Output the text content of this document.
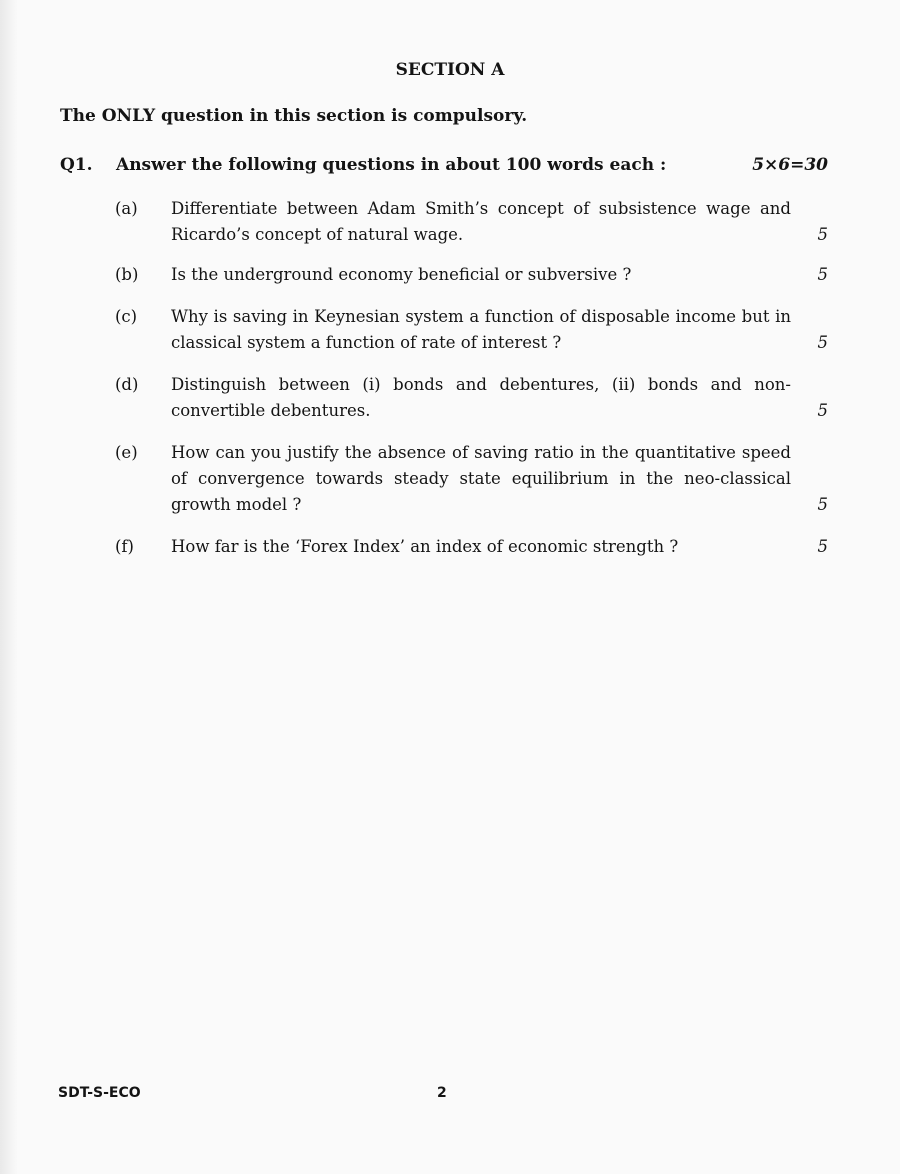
SECTION A
The ONLY question in this section is compulsory.
Q1. Answer the following questions in about 100 words each :	5×6=30
(a) Differentiate between Adam Smith’s concept of subsistence wage and Ricardo’s concept of natural wage.	5
(b) Is the underground economy beneficial or subversive ?	5
(c) Why is saving in Keynesian system a function of disposable income but in classical system a function of rate of interest ?	5
(d) Distinguish between (i) bonds and debentures, (ii) bonds and non-convertible debentures.	5
(e) How can you justify the absence of saving ratio in the quantitative speed of convergence towards steady state equilibrium in the neo-classical growth model ?	5
(f) How far is the ‘Forex Index’ an index of economic strength ?	5
SDT-S-ECO	2
